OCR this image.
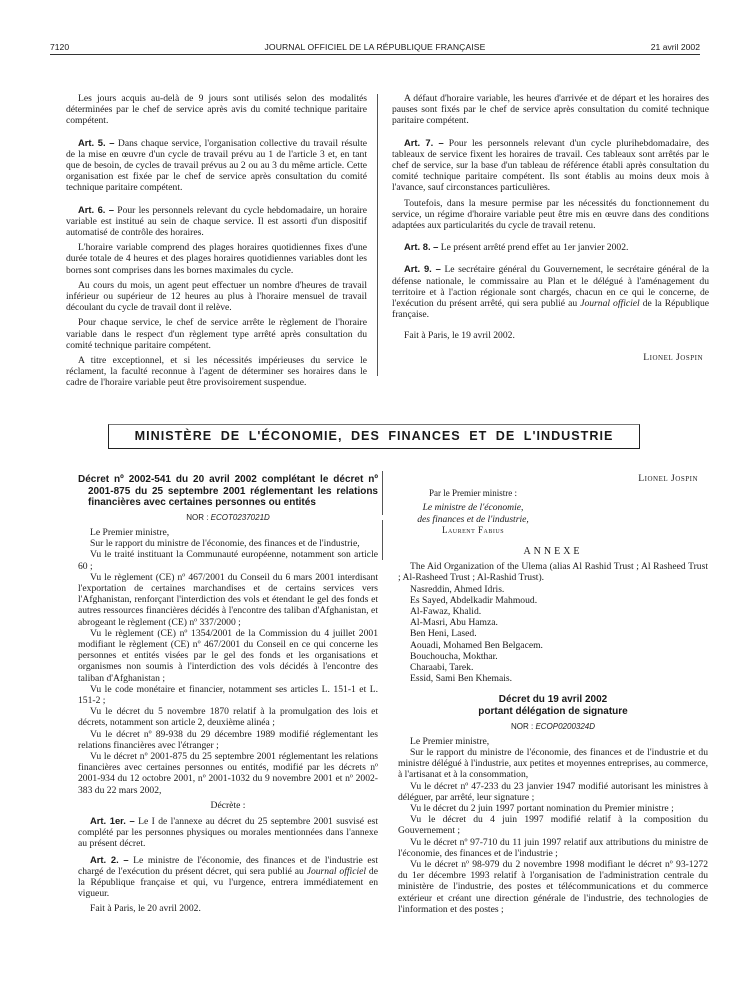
7120	JOURNAL OFFICIEL DE LA RÉPUBLIQUE FRANÇAISE	21 avril 2002

Les jours acquis au-delà de 9 jours sont utilisés selon des modalités déterminées par le chef de service après avis du comité technique paritaire compétent.

Art. 5. – Dans chaque service, l'organisation collective du travail résulte de la mise en œuvre d'un cycle de travail prévu au 1 de l'article 3 et, en tant que de besoin, de cycles de travail prévus au 2 ou au 3 du même article. Cette organisation est fixée par le chef de service après consultation du comité technique paritaire compétent.

Art. 6. – Pour les personnels relevant du cycle hebdomadaire, un horaire variable est institué au sein de chaque service. Il est assorti d'un dispositif automatisé de contrôle des horaires.

L'horaire variable comprend des plages horaires quotidiennes fixes d'une durée totale de 4 heures et des plages horaires quotidiennes variables dont les bornes sont comprises dans les bornes maximales du cycle.

Au cours du mois, un agent peut effectuer un nombre d'heures de travail inférieur ou supérieur de 12 heures au plus à l'horaire mensuel de travail découlant du cycle de travail dont il relève.

Pour chaque service, le chef de service arrête le règlement de l'horaire variable dans le respect d'un règlement type arrêté après consultation du comité technique paritaire compétent.

A titre exceptionnel, et si les nécessités impérieuses du service le réclament, la faculté reconnue à l'agent de déterminer ses horaires dans le cadre de l'horaire variable peut être provisoirement suspendue.

A défaut d'horaire variable, les heures d'arrivée et de départ et les horaires des pauses sont fixés par le chef de service après consultation du comité technique paritaire compétent.

Art. 7. – Pour les personnels relevant d'un cycle plurihebdomadaire, des tableaux de service fixent les horaires de travail. Ces tableaux sont arrêtés par le chef de service, sur la base d'un tableau de référence établi après consultation du comité technique paritaire compétent. Ils sont établis au moins deux mois à l'avance, sauf circonstances particulières.

Toutefois, dans la mesure permise par les nécessités du fonctionnement du service, un régime d'horaire variable peut être mis en œuvre dans des conditions adaptées aux particularités du cycle de travail retenu.

Art. 8. – Le présent arrêté prend effet au 1er janvier 2002.

Art. 9. – Le secrétaire général du Gouvernement, le secrétaire général de la défense nationale, le commissaire au Plan et le délégué à l'aménagement du territoire et à l'action régionale sont chargés, chacun en ce qui le concerne, de l'exécution du présent arrêté, qui sera publié au Journal officiel de la République française.

Fait à Paris, le 19 avril 2002.

Lionel Jospin
MINISTÈRE DE L'ÉCONOMIE, DES FINANCES ET DE L'INDUSTRIE
Décret nº 2002-541 du 20 avril 2002 complétant le décret nº 2001-875 du 25 septembre 2001 réglementant les relations financières avec certaines personnes ou entités
NOR : ECOT0237021D

Le Premier ministre,

Sur le rapport du ministre de l'économie, des finances et de l'industrie,

Vu le traité instituant la Communauté européenne, notamment son article 60 ;

Vu le règlement (CE) nº 467/2001 du Conseil du 6 mars 2001 interdisant l'exportation de certaines marchandises et de certains services vers l'Afghanistan, renforçant l'interdiction des vols et étendant le gel des fonds et autres ressources financières décidés à l'encontre des taliban d'Afghanistan, et abrogeant le règlement (CE) nº 337/2000 ;

Vu le règlement (CE) nº 1354/2001 de la Commission du 4 juillet 2001 modifiant le règlement (CE) nº 467/2001 du Conseil en ce qui concerne les personnes et entités visées par le gel des fonds et les organisations et organismes non soumis à l'interdiction des vols décidés à l'encontre des taliban d'Afghanistan ;

Vu le code monétaire et financier, notamment ses articles L. 151-1 et L. 151-2 ;

Vu le décret du 5 novembre 1870 relatif à la promulgation des lois et décrets, notamment son article 2, deuxième alinéa ;

Vu le décret nº 89-938 du 29 décembre 1989 modifié réglementant les relations financières avec l'étranger ;

Vu le décret nº 2001-875 du 25 septembre 2001 réglementant les relations financières avec certaines personnes ou entités, modifié par les décrets nº 2001-934 du 12 octobre 2001, nº 2001-1032 du 9 novembre 2001 et nº 2002-383 du 22 mars 2002,

Décrète :

Art. 1er. – Le I de l'annexe au décret du 25 septembre 2001 susvisé est complété par les personnes physiques ou morales mentionnées dans l'annexe au présent décret.

Art. 2. – Le ministre de l'économie, des finances et de l'industrie est chargé de l'exécution du présent décret, qui sera publié au Journal officiel de la République française et qui, vu l'urgence, entrera immédiatement en vigueur.

Fait à Paris, le 20 avril 2002.

Lionel Jospin
Par le Premier ministre :
Le ministre de l'économie,
des finances et de l'industrie,
Laurent Fabius
ANNEXE

The Aid Organization of the Ulema (alias Al Rashid Trust ; Al Rasheed Trust ; Al-Rasheed Trust ; Al-Rashid Trust).

Nasreddin, Ahmed Idris.

Es Sayed, Abdelkadir Mahmoud.

Al-Fawaz, Khalid.

Al-Masri, Abu Hamza.

Ben Heni, Lased.

Aouadi, Mohamed Ben Belgacem.

Bouchoucha, Mokthar.

Charaabi, Tarek.

Essid, Sami Ben Khemais.

Décret du 19 avril 2002
portant délégation de signature
NOR : ECOP0200324D

Le Premier ministre,

Sur le rapport du ministre de l'économie, des finances et de l'industrie et du ministre délégué à l'industrie, aux petites et moyennes entreprises, au commerce, à l'artisanat et à la consommation,

Vu le décret nº 47-233 du 23 janvier 1947 modifié autorisant les ministres à déléguer, par arrêté, leur signature ;

Vu le décret du 2 juin 1997 portant nomination du Premier ministre ;

Vu le décret du 4 juin 1997 modifié relatif à la composition du Gouvernement ;

Vu le décret nº 97-710 du 11 juin 1997 relatif aux attributions du ministre de l'économie, des finances et de l'industrie ;

Vu le décret nº 98-979 du 2 novembre 1998 modifiant le décret nº 93-1272 du 1er décembre 1993 relatif à l'organisation de l'administration centrale du ministère de l'industrie, des postes et télécommunications et du commerce extérieur et créant une direction générale de l'industrie, des technologies de l'information et des postes ;
